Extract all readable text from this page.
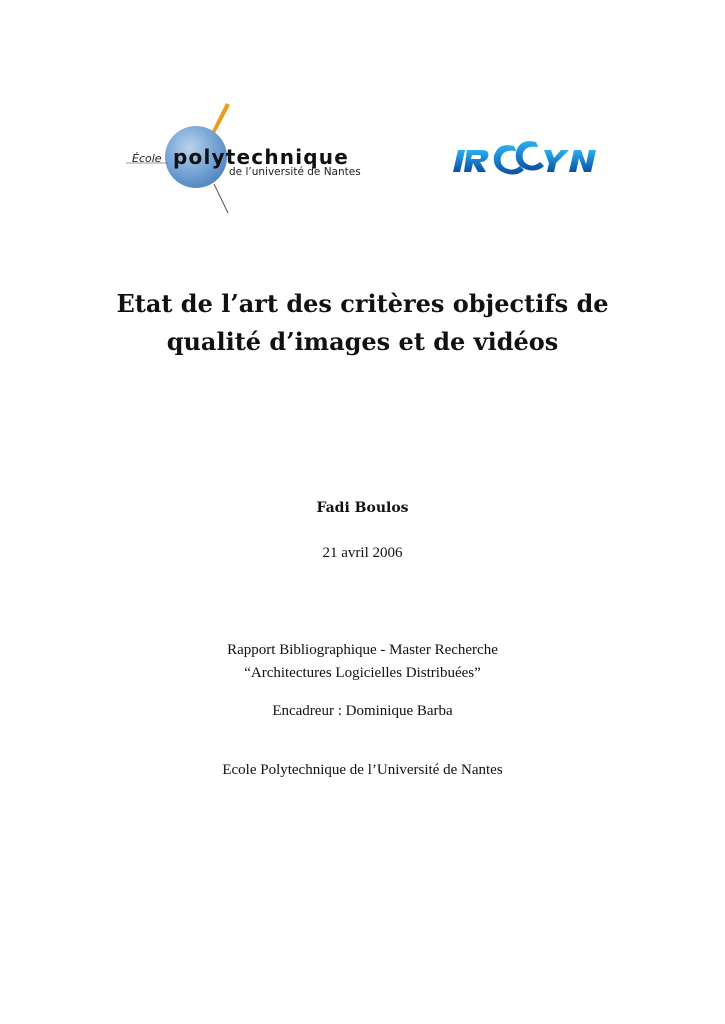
École polytechnique
de l’université de Nantes
Etat de l’art des critères objectifs de
qualité d’images et de vidéos
Fadi Boulos
21 avril 2006
Rapport Bibliographique - Master Recherche
“Architectures Logicielles Distribuées”
Encadreur : Dominique Barba
Ecole Polytechnique de l’Université de Nantes
